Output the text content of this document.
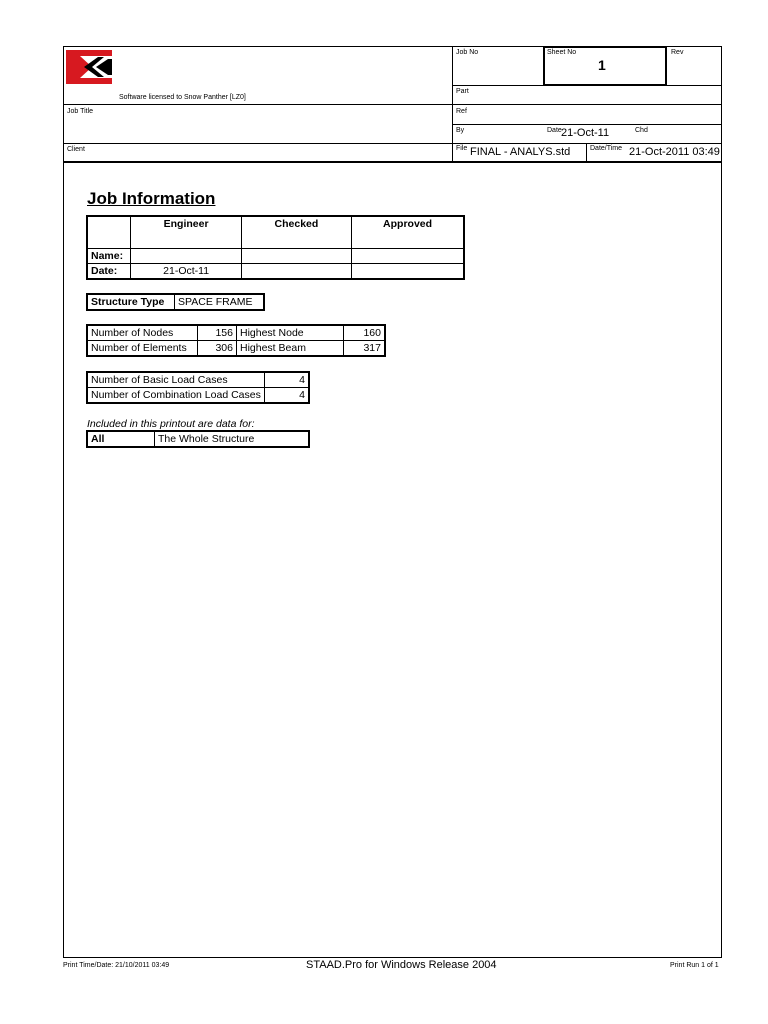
Software licensed to Snow Panther [LZ0]
Job No	Sheet No
1
Rev
Part
Ref
Job Title
By	Date 21-Oct-11	Chd
Client	File FINAL - ANALYS.std	Date/Time 21-Oct-2011 03:49
Job Information
	Engineer	Checked	Approved
Name:			
Date:	21-Oct-11		
Structure Type	SPACE FRAME
Number of Nodes	156	Highest Node	160
Number of Elements	306	Highest Beam	317
Number of Basic Load Cases	4
Number of Combination Load Cases	4
Included in this printout are data for:
All	The Whole Structure
Print Time/Date: 21/10/2011 03:49	STAAD.Pro for Windows Release 2004	Print Run 1 of 1
